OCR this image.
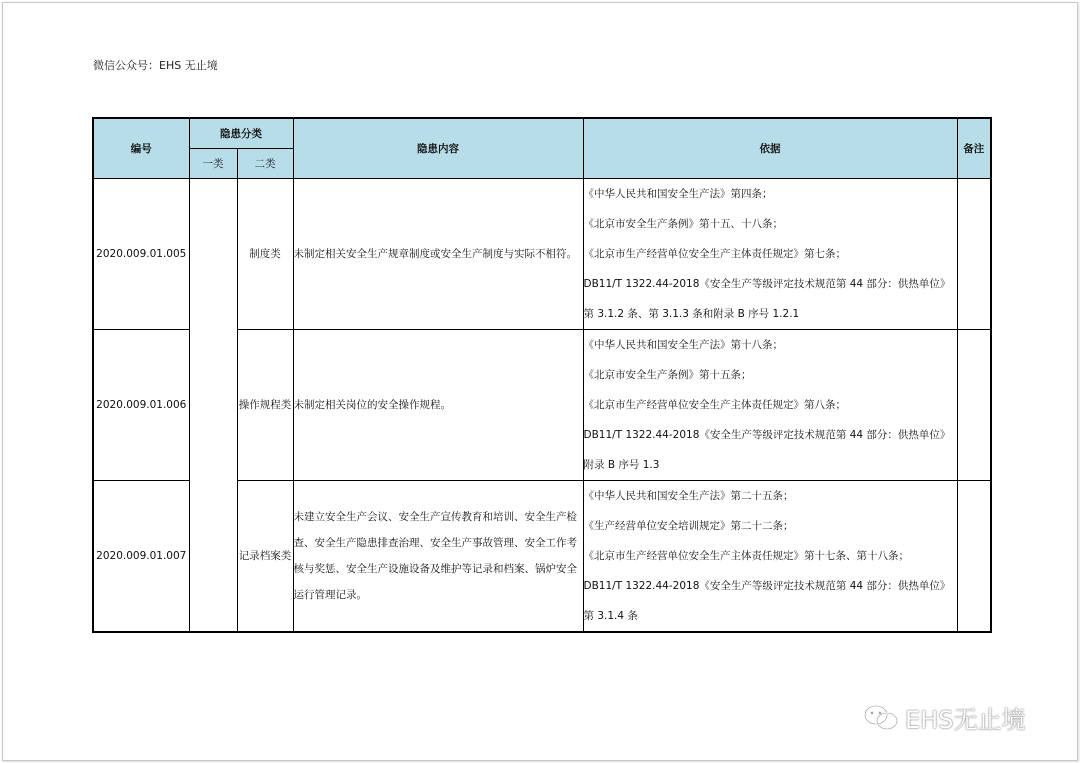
微信公众号：EHS 无止境
编号	隐患分类		隐患内容	依据	备注
	一类	二类			
2020.009.01.005		制度类	未制定相关安全生产规章制度或安全生产制度与实际不相符。	《中华人民共和国安全生产法》第四条；
《北京市安全生产条例》第十五、十八条；
《北京市生产经营单位安全生产主体责任规定》第七条；
DB11/T 1322.44-2018《安全生产等级评定技术规范第 44 部分：供热单位》
第 3.1.2 条、第 3.1.3 条和附录 B 序号 1.2.1	

2020.009.01.006		操作规程类	未制定相关岗位的安全操作规程。	《中华人民共和国安全生产法》第十八条；
《北京市安全生产条例》第十五条；
《北京市生产经营单位安全生产主体责任规定》第八条；
DB11/T 1322.44-2018《安全生产等级评定技术规范第 44 部分：供热单位》
附录 B 序号 1.3	

2020.009.01.007		记录档案类	未建立安全生产会议、安全生产宣传教育和培训、安全生产检查、安全生产隐患排查治理、安全生产事故管理、安全工作考核与奖惩、安全生产设施设备及维护等记录和档案、锅炉安全运行管理记录。	《中华人民共和国安全生产法》第二十五条；
《生产经营单位安全培训规定》第二十二条；
《北京市生产经营单位安全生产主体责任规定》第十七条、第十八条；
DB11/T 1322.44-2018《安全生产等级评定技术规范第 44 部分：供热单位》
第 3.1.4 条	

EHS无止境
